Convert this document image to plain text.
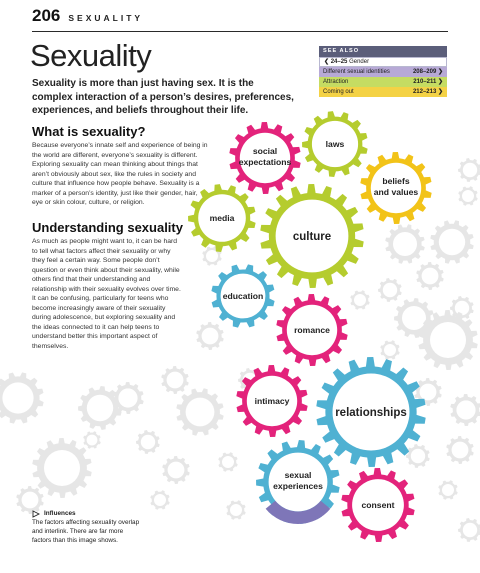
206 SEXUALITY
social
expectations
laws
beliefs
and values
media
culture
education
romance
intimacy
relationships
sexual
experiences
consent
Sexuality

Sexuality is more than just having sex. It is the complex interaction of a person’s desires, preferences, experiences, and beliefs throughout their life.

SEE ALSO
❮ 24–25 Gender
Different sexual identities	208–209 ❯
Attraction	210–211 ❯
Coming out	212–213 ❯
What is sexuality?

Because everyone’s innate self and experience of being in the world are different, everyone’s sexuality is different. Exploring sexuality can mean thinking about things that aren’t obviously about sex, like the rules in society and culture that influence how people behave. Sexuality is a marker of a person’s identity, just like their gender, hair, eye or skin colour, culture, or religion.

Understanding sexuality

As much as people might want to, it can be hard to tell what factors affect their sexuality or why they feel a certain way. Some people don’t question or even think about their sexuality, while others find that their understanding and relationship with their sexuality evolves over time. It can be confusing, particularly for teens who become increasingly aware of their sexuality during adolescence, but exploring sexuality and the ideas connected to it can help teens to understand better this important aspect of themselves.

Influences
The factors affecting sexuality overlap and interlink. There are far more factors than this image shows.
